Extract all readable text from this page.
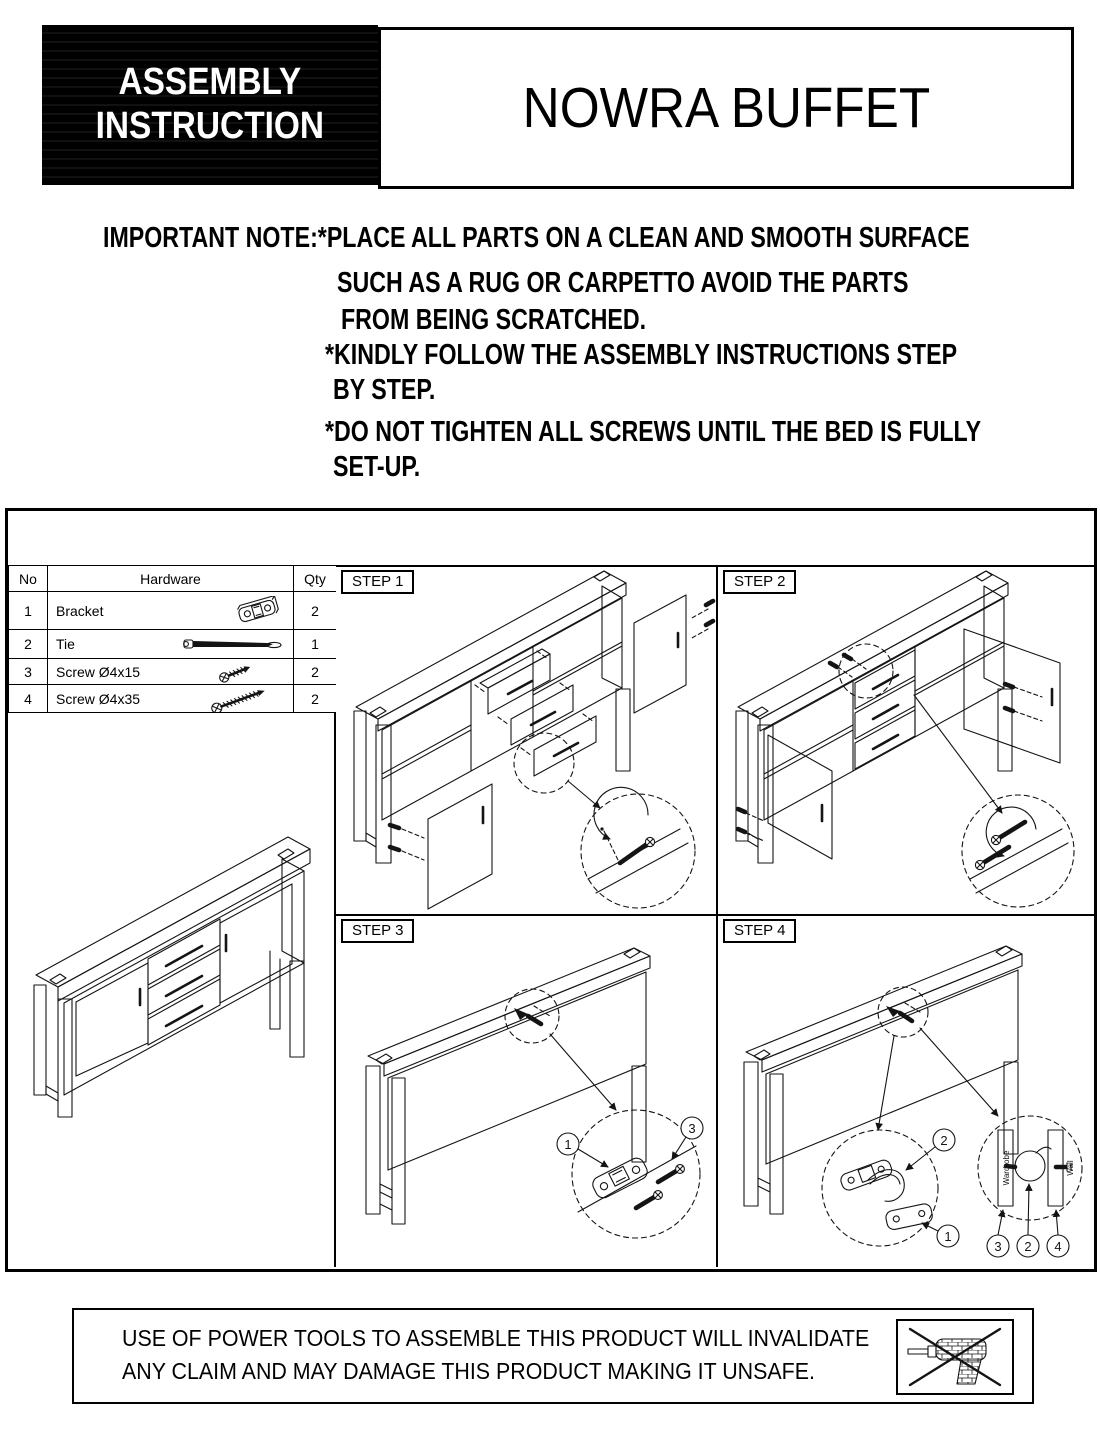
ASSEMBLY
INSTRUCTION	NOWRA BUFFET
IMPORTANT NOTE:*PLACE ALL PARTS ON A CLEAN AND SMOOTH SURFACE
SUCH AS A RUG OR CARPETTO AVOID THE PARTS
FROM BEING SCRATCHED.
*KINDLY FOLLOW THE ASSEMBLY INSTRUCTIONS STEP
BY STEP.
*DO NOT TIGHTEN ALL SCREWS UNTIL THE BED IS FULLY
SET-UP.
No	Hardware	Qty
1	Bracket	2
2	Tie	1
3	Screw Ø4x15	2
4	Screw Ø4x35	2
STEP 1	STEP 2
STEP 3
1
3
STEP 4
2
1
Wardrobe	Wall
3 2 4
USE OF POWER TOOLS TO ASSEMBLE THIS PRODUCT WILL INVALIDATE
ANY CLAIM AND MAY DAMAGE THIS PRODUCT MAKING IT UNSAFE.
